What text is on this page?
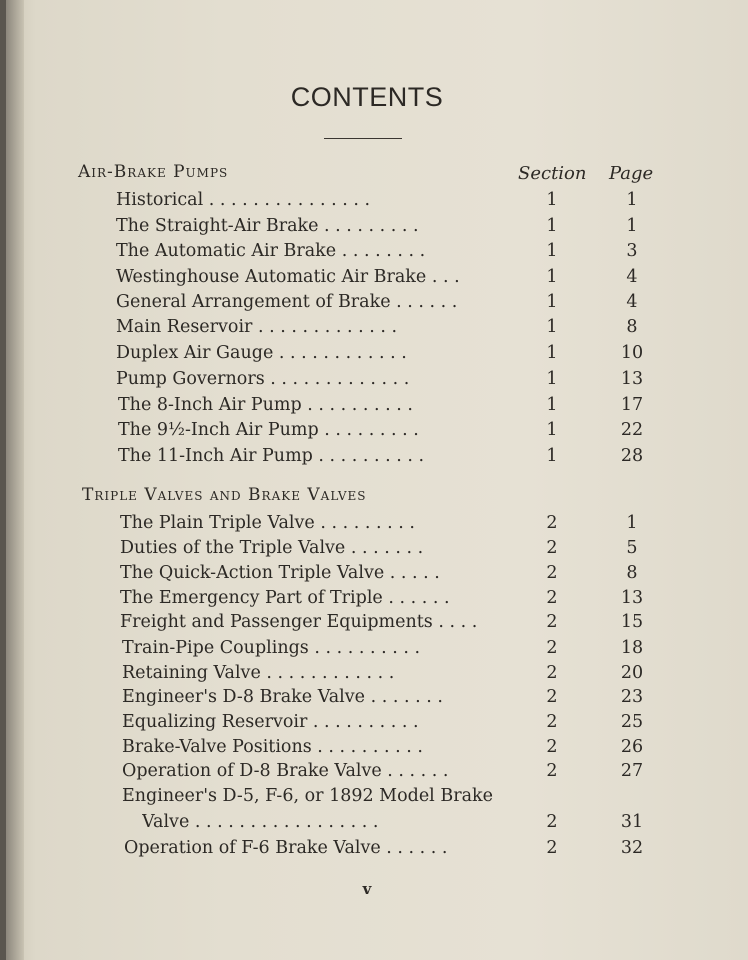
CONTENTS
Section Page
Air-Brake Pumps
Historical . . . . . . . . . . . . . . .	1	1
The Straight-Air Brake . . . . . . . . .	1	1
The Automatic Air Brake . . . . . . . .	1	3
Westinghouse Automatic Air Brake . . .	1	4
General Arrangement of Brake . . . . . .	1	4
Main Reservoir . . . . . . . . . . . . .	1	8
Duplex Air Gauge . . . . . . . . . . . .	1	10
Pump Governors . . . . . . . . . . . . .	1	13
The 8-Inch Air Pump . . . . . . . . . .	1	17
The 9½-Inch Air Pump . . . . . . . . .	1	22
The 11-Inch Air Pump . . . . . . . . . .	1	28
Triple Valves and Brake Valves
The Plain Triple Valve . . . . . . . . .	2	1
Duties of the Triple Valve . . . . . . .	2	5
The Quick-Action Triple Valve . . . . .	2	8
The Emergency Part of Triple . . . . . .	2	13
Freight and Passenger Equipments . . . .	2	15
Train-Pipe Couplings . . . . . . . . . .	2	18
Retaining Valve . . . . . . . . . . . .	2	20
Engineer's D-8 Brake Valve . . . . . . .	2	23
Equalizing Reservoir . . . . . . . . . .	2	25
Brake-Valve Positions . . . . . . . . . .	2	26
Operation of D-8 Brake Valve . . . . . .	2	27
Engineer's D-5, F-6, or 1892 Model Brake
Valve . . . . . . . . . . . . . . . . .	2	31
Operation of F-6 Brake Valve . . . . . .	2	32
v
